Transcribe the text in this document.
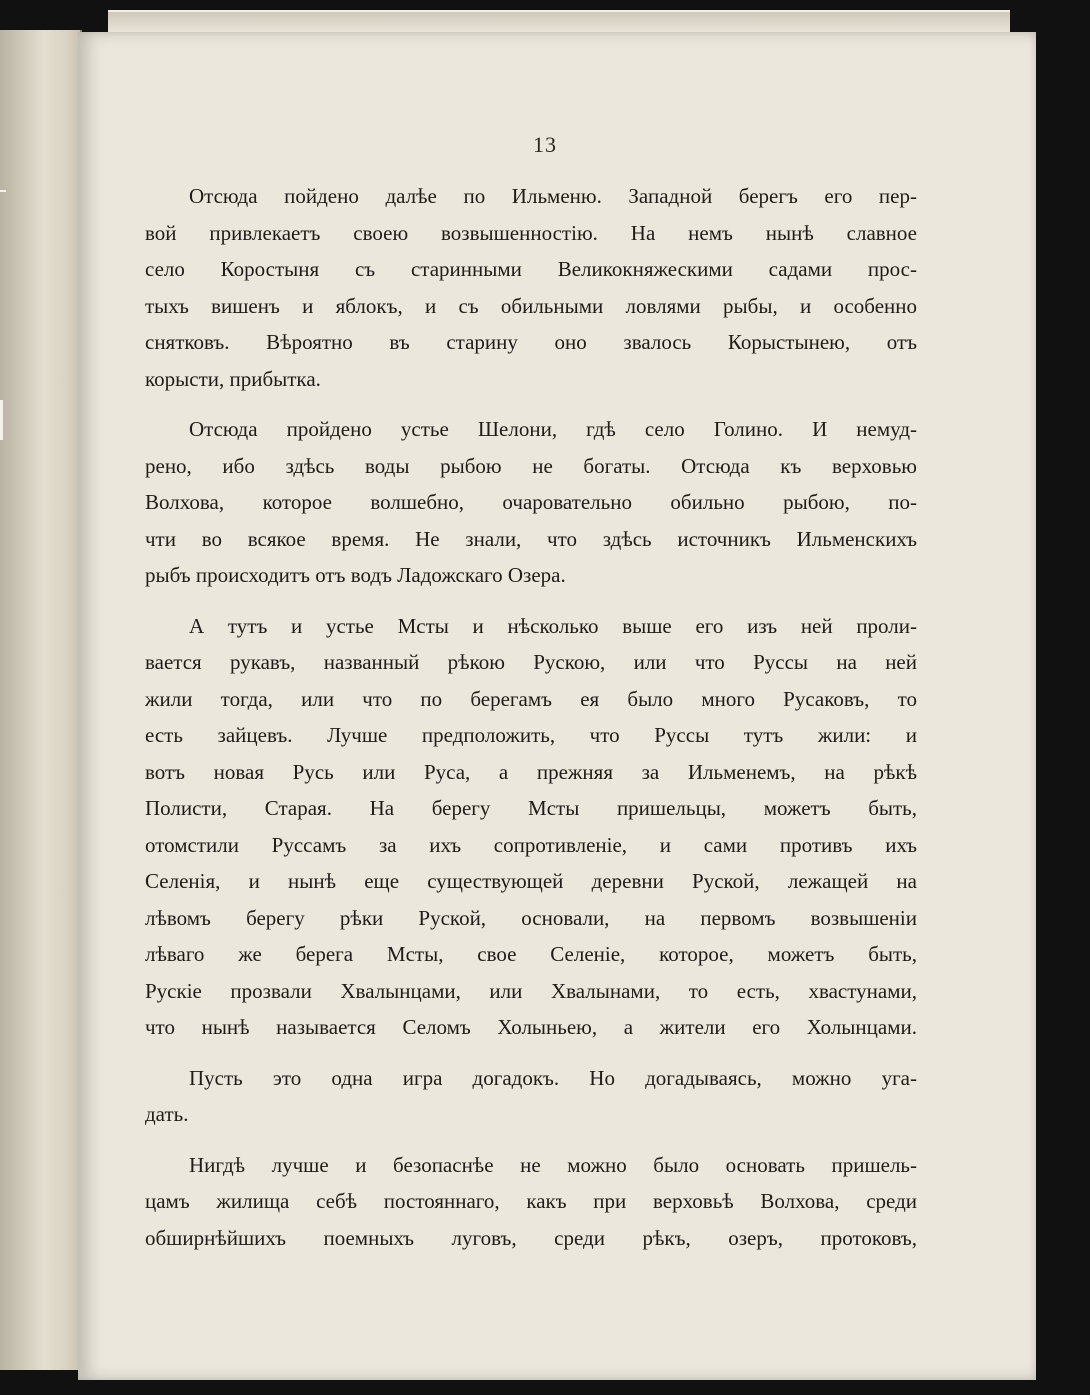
13
Отсюда пойдено далѣе по Ильменю. Западной берегъ его пер-
вой привлекаетъ своею возвышенностію. На немъ нынѣ славное
село Коростыня съ старинными Великокняжескими садами прос-
тыхъ вишенъ и яблокъ, и съ обильными ловлями рыбы, и особенно
снятковъ. Вѣроятно въ старину оно звалось Корыстынею, отъ
корысти, прибытка.
Отсюда пройдено устье Шелони, гдѣ село Голино. И немуд-
рено, ибо здѣсь воды рыбою не богаты. Отсюда къ верховью
Волхова, которое волшебно, очаровательно обильно рыбою, по-
чти во всякое время. Не знали, что здѣсь источникъ Ильменскихъ
рыбъ происходитъ отъ водъ Ладожскаго Озера.
А тутъ и устье Мсты и нѣсколько выше его изъ ней проли-
вается рукавъ, названный рѣкою Рускою, или что Руссы на ней
жили тогда, или что по берегамъ ея было много Русаковъ, то
есть зайцевъ. Лучше предположить, что Руссы тутъ жили: и
вотъ новая Русь или Руса, а прежняя за Ильменемъ, на рѣкѣ
Полисти, Старая. На берегу Мсты пришельцы, можетъ быть,
отомстили Руссамъ за ихъ сопротивленіе, и сами противъ ихъ
Селенія, и нынѣ еще существующей деревни Руской, лежащей на
лѣвомъ берегу рѣки Руской, основали, на первомъ возвышеніи
лѣваго же берега Мсты, свое Селеніе, которое, можетъ быть,
Рускіе прозвали Хвалынцами, или Хвалынами, то есть, хвастунами,
что нынѣ называется Селомъ Холыньею, а жители его Холынцами.
Пусть это одна игра догадокъ. Но догадываясь, можно уга-
дать.
Нигдѣ лучше и безопаснѣе не можно было основать пришель-
цамъ жилища себѣ постояннаго, какъ при верховьѣ Волхова, среди
обширнѣйшихъ поемныхъ луговъ, среди рѣкъ, озеръ, протоковъ,
